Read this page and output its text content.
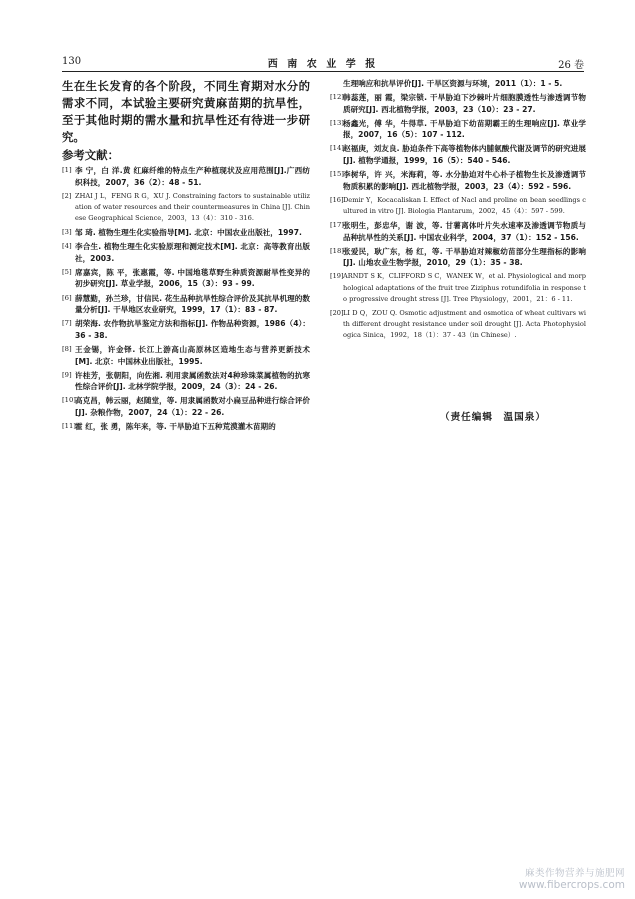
130	西 南 农 业 学 报	26 卷

生在生长发育的各个阶段，不同生育期对水分的需求不同，本试验主要研究黄麻苗期的抗旱性，至于其他时期的需水量和抗旱性还有待进一步研究。

参考文献：
[1] 李 宁，白 洋.黄 红麻纤维的特点生产种植现状及应用范围[J].广西纺织科技，2007，36（2）：48 - 51.
[2] ZHAI J L，FENG R G，XU J. Constraining factors to sustainable utilization of water resources and their countermeasures in China [J]. Chinese Geographical Science，2003，13（4）：310 - 316.
[3] 邹 琦. 植物生理生化实验指导[M]. 北京：中国农业出版社，1997.
[4] 李合生. 植物生理生化实验原理和测定技术[M]. 北京：高等教育出版社，2003.
[5] 席嘉宾，陈 平，张惠霞，等. 中国地毯草野生种质资源耐旱性变异的初步研究[J]. 草业学报，2006，15（3）：93 - 99.
[6] 薛慧勤，孙兰珍，甘信民. 花生品种抗旱性综合评价及其抗旱机理的数量分析[J]. 干旱地区农业研究，1999，17（1）：83 - 87.
[7] 胡荣海. 农作物抗旱鉴定方法和指标[J]. 作物品种资源，1986（4）：36 - 38.
[8] 王金锡，许金铎. 长江上游高山高原林区造地生态与营养更新技术[M]. 北京：中国林业出版社，1995.
[9] 许桂芳，张朝阳，向佐湘. 利用隶属函数法对4种珍珠菜属植物的抗寒性综合评价[J]. 北林学院学报，2009，24（3）：24 - 26.
[10] 高克昌，韩云丽，赵随堂，等. 用隶属函数对小扁豆品种进行综合评价[J]. 杂粮作物，2007，24（1）：22 - 26.
[11] 霍 红，张 勇，陈年来，等. 干旱胁迫下五种荒漠灌木苗期的
生理响应和抗旱评价[J]. 干旱区资源与环境，2011（1）：1 - 5.
[12] 韩蕊莲，丽 霞，梁宗锁. 干旱胁迫下沙棘叶片细胞膜透性与渗透调节物质研究[J]. 西北植物学报，2003，23（10）：23 - 27.
[13] 杨鑫光，傅 华，牛得草. 干旱胁迫下幼苗期霸王的生理响应[J]. 草业学报，2007，16（5）：107 - 112.
[14] 赵福庚，刘友良. 胁迫条件下高等植物体内脯氨酸代谢及调节的研究进展[J]. 植物学通报，1999，16（5）：540 - 546.
[15] 李树华，许 兴，米海莉，等. 水分胁迫对牛心朴子植物生长及渗透调节物质积累的影响[J]. 西北植物学报，2003，23（4）：592 - 596.
[16] Demir Y，Kocacaliskan I. Effect of Nacl and proline on bean seedlings cultured in vitro [J]. Biologia Plantarum，2002，45（4）：597 - 599.
[17] 张明生，彭忠华，谢 波，等. 甘薯离体叶片失水速率及渗透调节物质与品种抗旱性的关系[J]. 中国农业科学，2004，37（1）：152 - 156.
[18] 张爱民，耿广东，杨 红，等. 干旱胁迫对辣椒幼苗部分生理指标的影响[J]. 山地农业生物学报，2010，29（1）：35 - 38.
[19] ARNDT S K，CLIFFORD S C，WANEK W，et al. Physiological and morphological adaptations of the fruit tree Ziziphus rotundifolia in response to progressive drought stress [J]. Tree Physiology，2001，21：6 - 11.
[20] LI D Q，ZOU Q. Osmotic adjustment and osmotica of wheat cultivars with different drought resistance under soil drought [J]. Acta Photophysiologica Sinica，1992，18（1）：37 - 43（in Chinese）.
（责任编辑　温国泉）
麻类作物营养与施肥网
www.fibercrops.com
